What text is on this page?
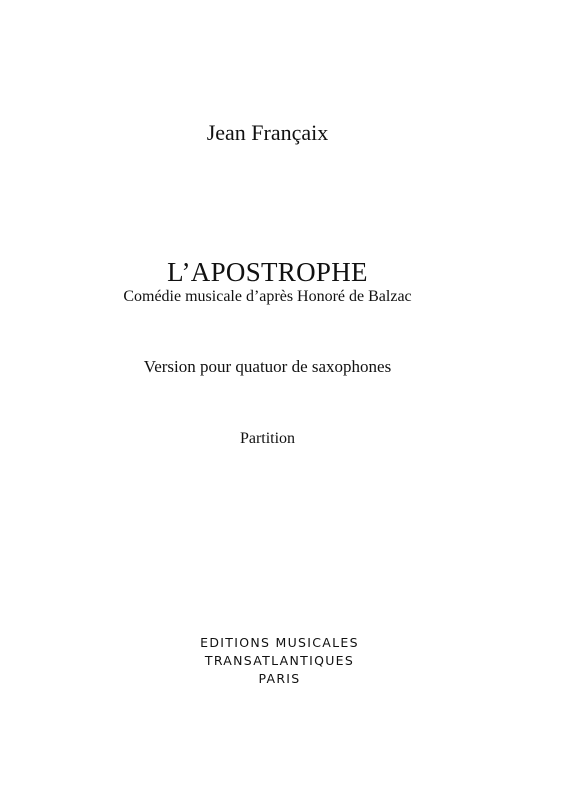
Jean Françaix
L’APOSTROPHE
Comédie musicale d’après Honoré de Balzac
Version pour quatuor de saxophones
Partition
EDITIONS MUSICALES
TRANSATLANTIQUES
PARIS
